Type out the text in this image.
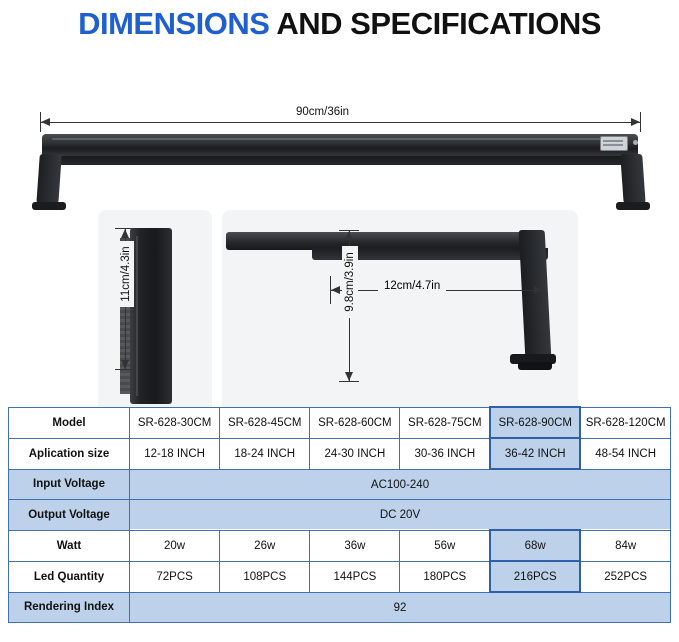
DIMENSIONS AND SPECIFICATIONS
90cm/36in
11cm/4.3in	12cm/4.7in
9.8cm/3.9in
Model	SR-628-30CM	SR-628-45CM	SR-628-60CM	SR-628-75CM	SR-628-90CM	SR-628-120CM
Aplication size	12-18 INCH	18-24 INCH	24-30 INCH	30-36 INCH	36-42 INCH	48-54 INCH
Input Voltage	AC100-240					
Output Voltage	DC 20V					
Watt	20w	26w	36w	56w	68w	84w
Led Quantity	72PCS	108PCS	144PCS	180PCS	216PCS	252PCS
Rendering Index	92					
